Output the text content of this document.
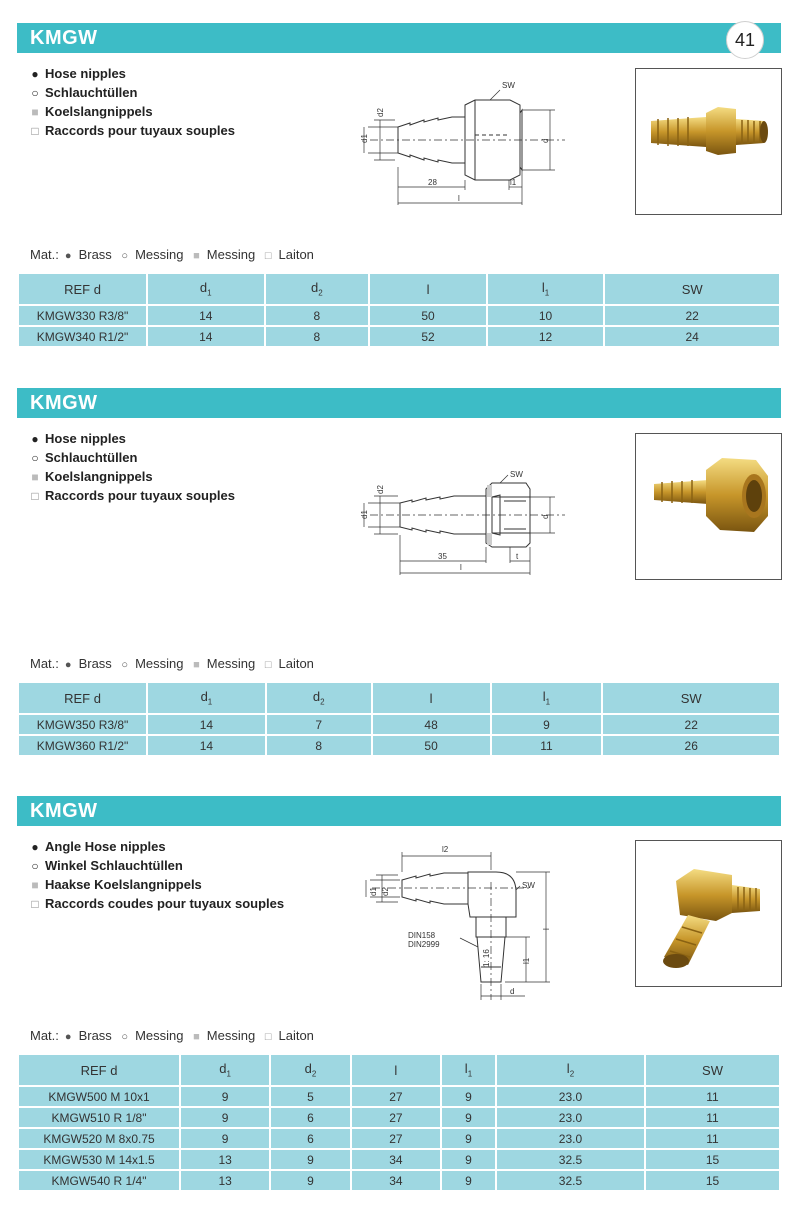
KMGW	41
● Hose nipples
○ Schlauchtüllen
■ Koelslangnippels
□ Raccords pour tuyaux souples
SW
d2
d1	d
28	l1
l
Mat.: ● Brass ○ Messing ■ Messing □ Laiton
REF d	$d_1$	$d_2$	l	$l_1$	SW
KMGW330 R3/8"	14	8	50	10	22
KMGW340 R1/2"	14	8	52	12	24
KMGW
● Hose nipples
○ Schlauchtüllen
■ Koelslangnippels
□ Raccords pour tuyaux souples
SW
d2
d1	d
35	t
l
Mat.: ● Brass ○ Messing ■ Messing □ Laiton
REF d	$d_1$	$d_2$	l	$l_1$	SW
KMGW350 R3/8"	14	7	48	9	22
KMGW360 R1/2"	14	8	50	11	26
KMGW
● Angle Hose nipples
○ Winkel Schlauchtüllen
■ Haakse Koelslangnippels
□ Raccords coudes pour tuyaux souples
l2
SW
d1 d2
l
l1
d
DIN158
DIN2999
1: 16
Mat.: ● Brass ○ Messing ■ Messing □ Laiton
REF d	$d_1$	$d_2$	l	$l_1$	$l_2$	SW
KMGW500 M 10x1	9	5	27	9	23.0	11
KMGW510 R 1/8"	9	6	27	9	23.0	11
KMGW520 M 8x0.75	9	6	27	9	23.0	11
KMGW530 M 14x1.5	13	9	34	9	32.5	15
KMGW540 R 1/4"	13	9	34	9	32.5	15
